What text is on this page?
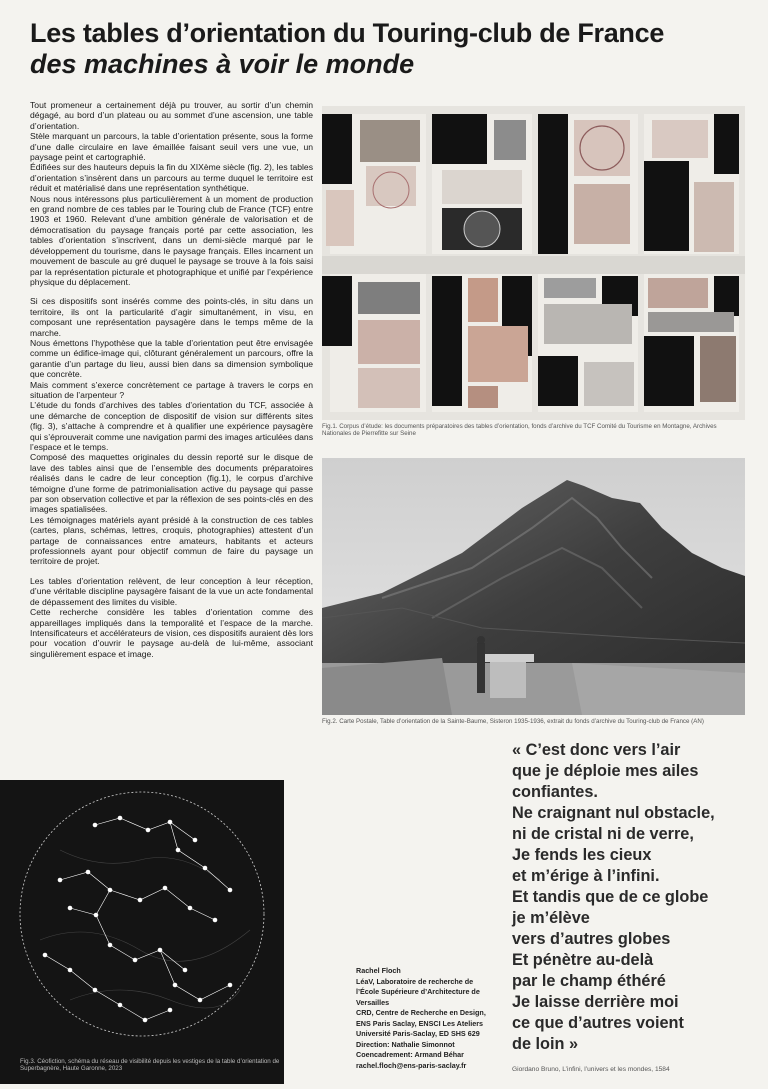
Les tables d’orientation du Touring-club de France
des machines à voir le monde

Tout promeneur a certainement déjà pu trouver, au sortir d’un chemin dégagé, au bord d’un plateau ou au sommet d’une ascension, une table d’orientation.

Stèle marquant un parcours, la table d’orientation présente, sous la forme d’une dalle circulaire en lave émaillée faisant seuil vers une vue, un paysage peint et cartographié.

Édifiées sur des hauteurs depuis la fin du XIXème siècle (fig. 2), les tables d’orientation s’insèrent dans un parcours au terme duquel le territoire est réduit et matérialisé dans une représentation synthétique.

Nous nous intéressons plus particulièrement à un moment de production en grand nombre de ces tables par le Touring club de France (TCF) entre 1903 et 1960. Relevant d’une ambition générale de valorisation et de démocratisation du paysage français porté par cette association, les tables d’orientation s’inscrivent, dans un demi-siècle marqué par le développement du tourisme, dans le paysage français. Elles incarnent un mouvement de bascule au gré duquel le paysage se trouve à la fois saisi par la représentation picturale et photographique et unifié par l’expérience physique du déplacement.

Si ces dispositifs sont insérés comme des points-clés, in situ dans un territoire, ils ont la particularité d’agir simultanément, in visu, en composant une représentation paysagère dans le temps même de la marche.

Nous émettons l’hypothèse que la table d’orientation peut être envisagée comme un édifice-image qui, clôturant généralement un parcours, offre la garantie d’un partage du lieu, aussi bien dans sa dimension symbolique que concrète.

Mais comment s’exerce concrètement ce partage à travers le corps en situation de l’arpenteur ?

L’étude du fonds d’archives des tables d’orientation du TCF, associée à une démarche de conception de dispositif de vision sur différents sites (fig. 3), s’attache à comprendre et à qualifier une expérience paysagère qui s’éprouverait comme une navigation parmi des images articulées dans l’espace et le temps.

Composé des maquettes originales du dessin reporté sur le disque de lave des tables ainsi que de l’ensemble des documents préparatoires réalisés dans le cadre de leur conception (fig.1), le corpus d’archive témoigne d’une forme de patrimonialisation active du paysage qui passe par son observation collective et par la réflexion de ses points-clés en des images spatialisées.

Les témoignages matériels ayant présidé à la construction de ces tables (cartes, plans, schémas, lettres, croquis, photographies) attestent d’un partage de connaissances entre amateurs, habitants et acteurs professionnels ayant pour objectif commun de faire du paysage un territoire de projet.

Les tables d’orientation relèvent, de leur conception à leur réception, d’une véritable discipline paysagère faisant de la vue un acte fondamental de dépassement des limites du visible.

Cette recherche considère les tables d’orientation comme des appareillages impliqués dans la temporalité et l’espace de la marche. Intensificateurs et accélérateurs de vision, ces dispositifs auraient dès lors pour vocation d’ouvrir le paysage au-delà de lui-même, associant singulièrement espace et image.

Fig.1. Corpus d’étude: les documents préparatoires des tables d’orientation, fonds d’archive du TCF Comité du Tourisme en Montagne, Archives Nationales de Pierrefitte sur Seine
Fig.2. Carte Postale, Table d’orientation de la Sainte-Baume, Sisteron 1935-1936, extrait du fonds d’archive du Touring-club de France (AN)
« C’est donc vers l’air
que je déploie mes ailes
confiantes.
Ne craignant nul obstacle,
ni de cristal ni de verre,
Je fends les cieux
et m’érige à l’infini.
Et tandis que de ce globe
je m’élève
vers d’autres globes
Et pénètre au-delà
par le champ éthéré
Je laisse derrière moi
ce que d’autres voient
de loin »
Giordano Bruno, L’infini, l’univers et les mondes, 1584
Fig.3. Céofiction, schéma du réseau de visibilité depuis les vestiges de la table d’orientation de Superbagnère, Haute Garonne, 2023
Rachel Floch
LéaV, Laboratoire de recherche de
l’École Supérieure d’Architecture de
Versailles
CRD, Centre de Recherche en Design,
ENS Paris Saclay, ENSCI Les Ateliers
Université Paris-Saclay, ED SHS 629
Direction: Nathalie Simonnot
Coencadrement: Armand Béhar
rachel.floch@ens-paris-saclay.fr
